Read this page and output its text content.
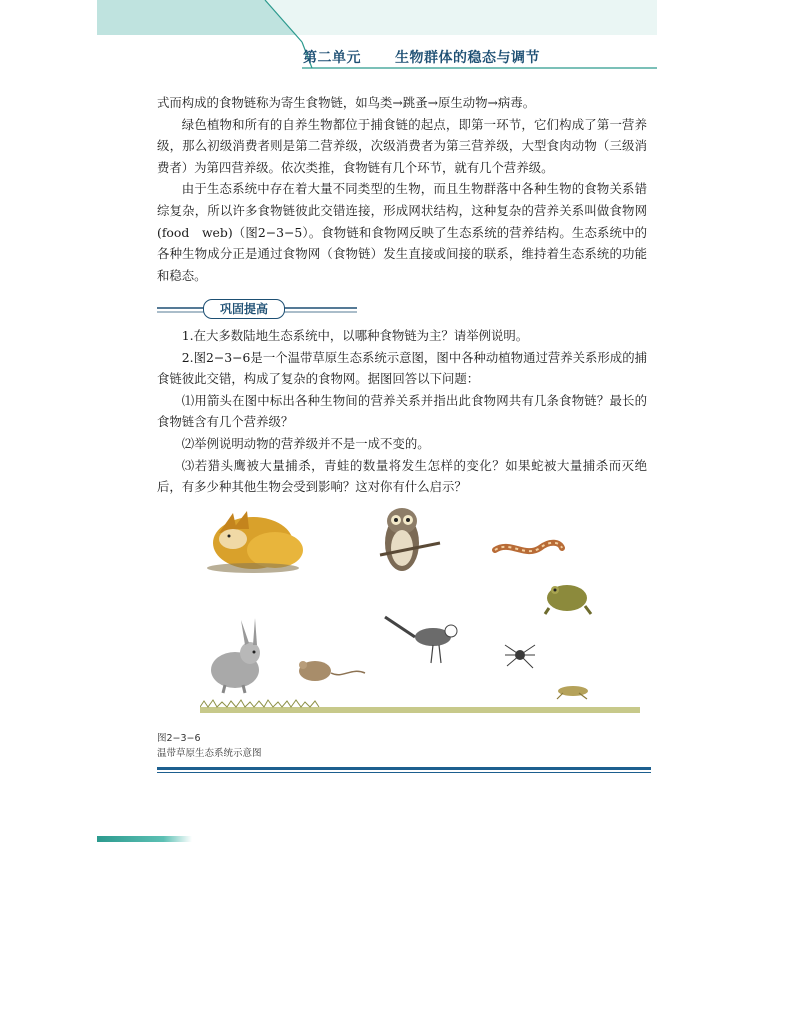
第二单元 生物群体的稳态与调节

式而构成的食物链称为寄生食物链，如鸟类→跳蚤→原生动物→病毒。

绿色植物和所有的自养生物都位于捕食链的起点，即第一环节，它们构成了第一营养级，那么初级消费者则是第二营养级，次级消费者为第三营养级，大型食肉动物（三级消费者）为第四营养级。依次类推，食物链有几个环节，就有几个营养级。

由于生态系统中存在着大量不同类型的生物，而且生物群落中各种生物的食物关系错综复杂，所以许多食物链彼此交错连接，形成网状结构，这种复杂的营养关系叫做食物网(food　web)（图2−3−5）。食物链和食物网反映了生态系统的营养结构。生态系统中的各种生物成分正是通过食物网（食物链）发生直接或间接的联系，维持着生态系统的功能和稳态。

巩固提高

1.在大多数陆地生态系统中，以哪种食物链为主？请举例说明。

2.图2−3−6是一个温带草原生态系统示意图，图中各种动植物通过营养关系形成的捕食链彼此交错，构成了复杂的食物网。据图回答以下问题：

⑴用箭头在图中标出各种生物间的营养关系并指出此食物网共有几条食物链？最长的食物链含有几个营养级？

⑵举例说明动物的营养级并不是一成不变的。

⑶若猎头鹰被大量捕杀，青蛙的数量将发生怎样的变化？如果蛇被大量捕杀而灭绝后，有多少种其他生物会受到影响？这对你有什么启示？

图2−3−6
温带草原生态系统示意图
